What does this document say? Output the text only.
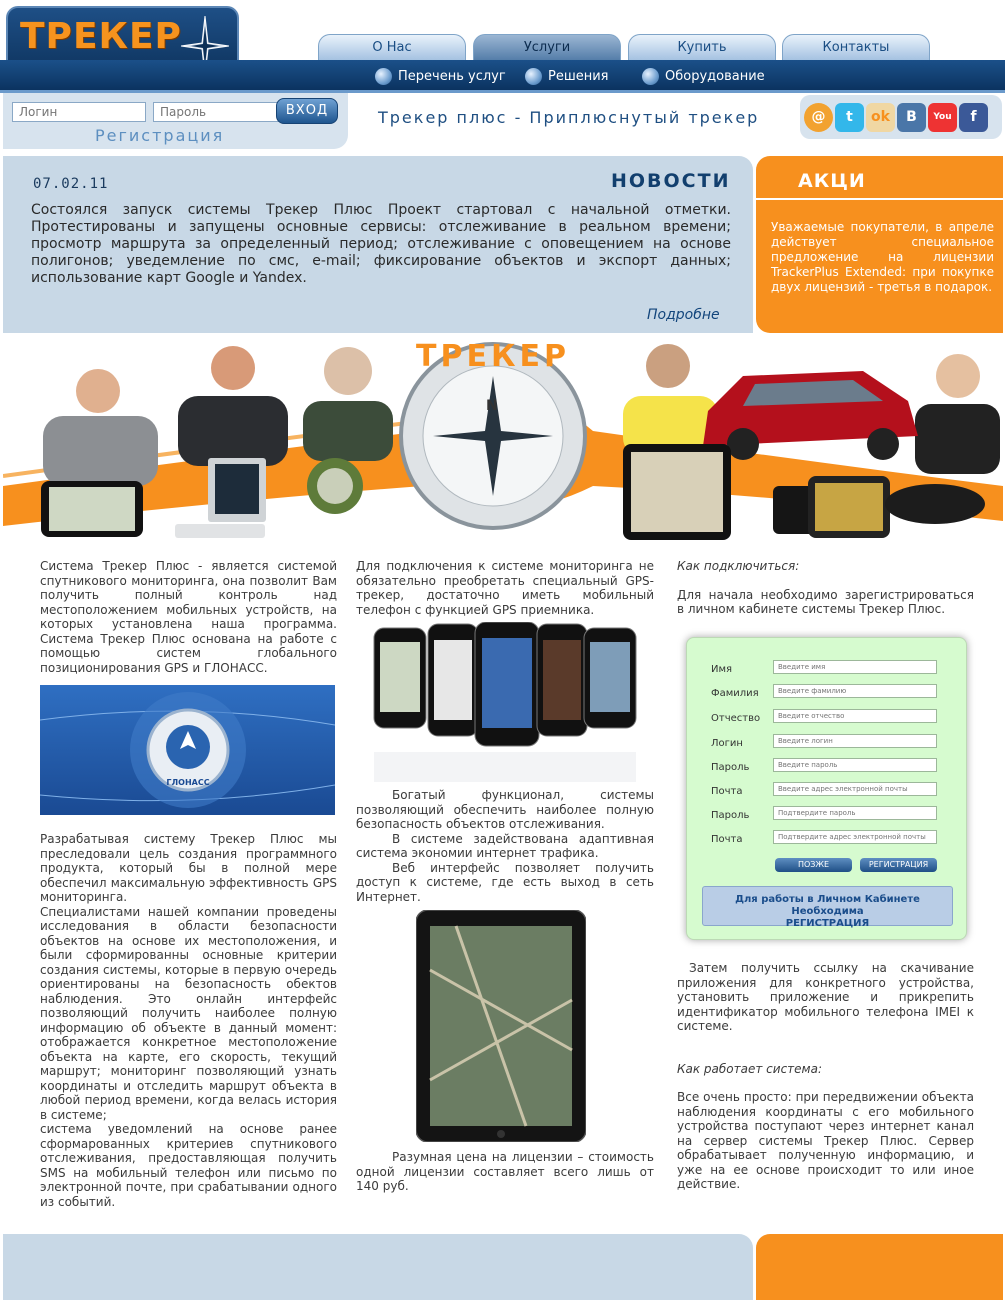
ТРЕКЕР	О Нас	Услуги	Купить	Контакты
Перечень услуг	Решения	Оборудование
Логин
Пароль
ВХОД
Регистрация
Трекер плюс - Приплюснутый трекер	@	t	ok	B	You	f
07.02.11	НОВОСТИ
Состоялся запуск системы Трекер Плюс Проект стартовал с начальной отметки. Протестированы и запущены основные сервисы: отслеживание в реальном времени; просмотр маршрута за определенный период; отслеживание с оповещением на основе полигонов; уведемление по смс, e-mail; фиксирование объектов и экспорт данных; использование карт Google и Yandex.
Подробне
АКЦИ
Уважаемые покупатели, в апреле действует специальное предложение на лицензии TrackerPlus Extended: при покупке двух лицензий - третья в подарок.
N
ТРЕКЕР

Система Трекер Плюс - является системой спутникового мониторинга, она позволит Вам получить полный контроль над местоположением мобильных устройств, на которых установлена наша программа. Система Трекер Плюс основана на работе с помощью систем глобального позиционирования GPS и ГЛОНАСС.

ГЛОНАСС

Разрабатывая систему Трекер Плюс мы преследовали цель создания программного продукта, который бы в полной мере обеспечил максимальную эффективность GPS мониторинга.

Специалистами нашей компании проведены исследования в области безопасности объектов на основе их местоположения, и были сформированны основные критерии создания системы, которые в первую очередь ориентированы на безопасность обектов наблюдения. Это онлайн интерфейс позволяющий получить наиболее полную информацию об объекте в данный момент: отображается конкретное местоположение объекта на карте, его скорость, текущий маршрут; мониторинг позволяющий узнать координаты и отследить маршрут объекта в любой период времени, когда велась история в системе;

система уведомлений на основе ранее сформарованных критериев спутникового отслеживания, предоставляющая получить SMS на мобильный телефон или письмо по электронной почте, при срабатывании одного из событий.

Для подключения к системе мониторинга не обязательно преобретать специальный GPS-трекер, достаточно иметь мобильный телефон с функцией GPS приемника.

Богатый функционал, системы позволяющий обеспечить наиболее полную безопасность объектов отслеживания.

В системе задействована адаптивная система экономии интернет трафика.

Веб интерфейс позволяет получить доступ к системе, где есть выход в сеть Интернет.

Разумная цена на лицензии – стоимость одной лицензии составляет всего лишь от 140 руб.

Как подключиться:

Для начала необходимо зарегистрироваться в личном кабинете системы Трекер Плюс.

Имя
Введите имя
Фамилия
Введите фамилию
Отчество
Введите отчество
Логин
Введите логин
Пароль
Введите пароль
Почта
Введите адрес электронной почты
Пароль
Подтвердите пароль
Почта
Подтвердите адрес электронной почты
ПОЗЖЕ	РЕГИСТРАЦИЯ
Для работы в Личном Кабинете Необходима
РЕГИСТРАЦИЯ

Затем получить ссылку на скачивание приложения для конкретного устройства, установить приложение и прикрепить идентификатор мобильного телефона IMEI к системе.

Как работает система:

Все очень просто: при передвижении объекта наблюдения координаты с его мобильного устройства поступают через интернет канал на сервер системы Трекер Плюс. Сервер обрабатывает полученную информацию, и уже на ее основе происходит то или иное действие.
